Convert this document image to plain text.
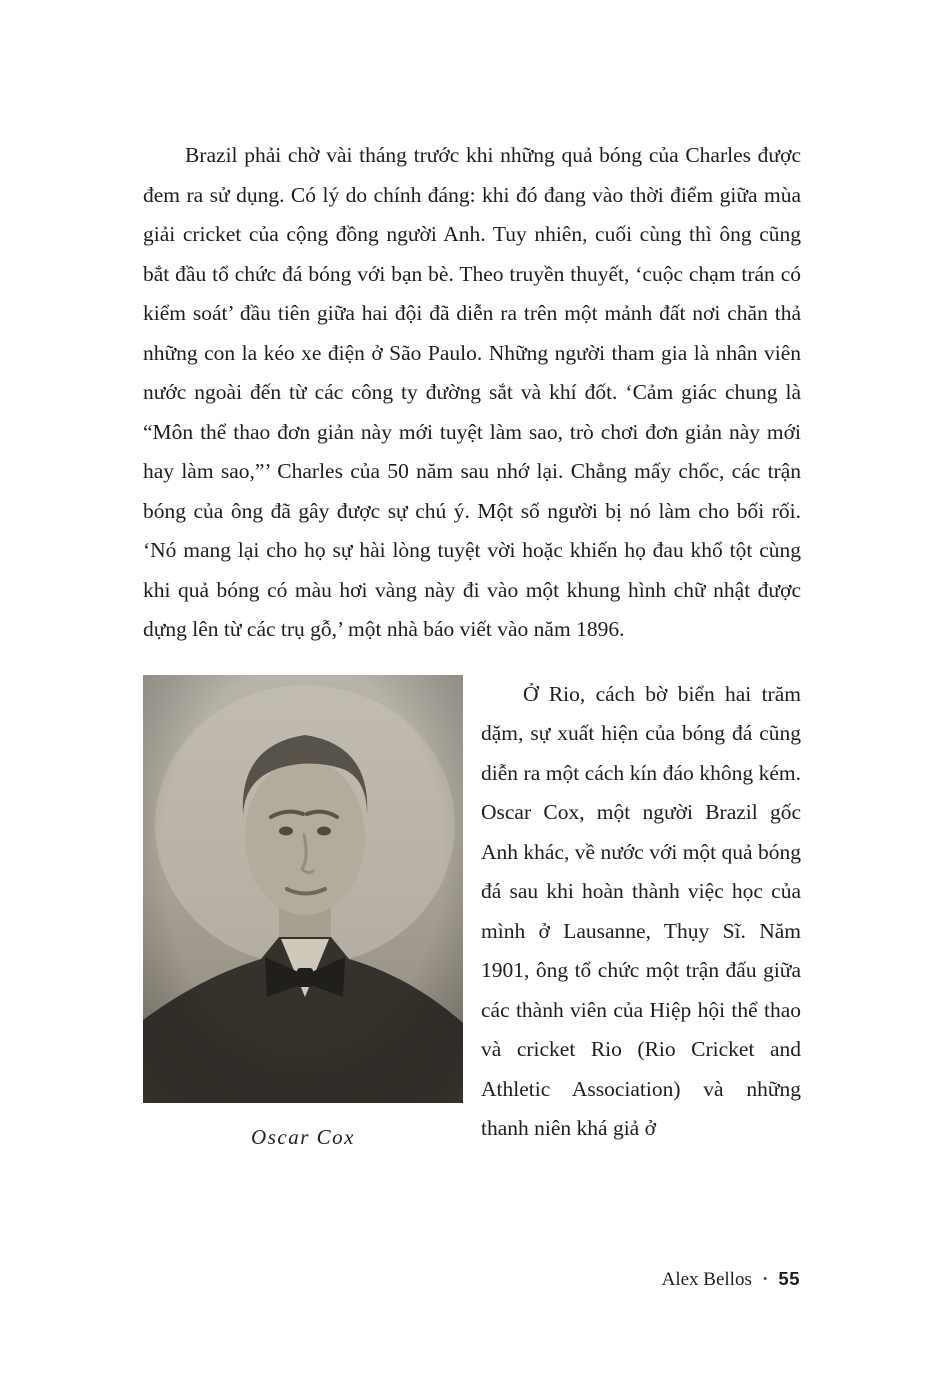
Brazil phải chờ vài tháng trước khi những quả bóng của Charles được đem ra sử dụng. Có lý do chính đáng: khi đó đang vào thời điểm giữa mùa giải cricket của cộng đồng người Anh. Tuy nhiên, cuối cùng thì ông cũng bắt đầu tổ chức đá bóng với bạn bè. Theo truyền thuyết, ‘cuộc chạm trán có kiểm soát’ đầu tiên giữa hai đội đã diễn ra trên một mảnh đất nơi chăn thả những con la kéo xe điện ở São Paulo. Những người tham gia là nhân viên nước ngoài đến từ các công ty đường sắt và khí đốt. ‘Cảm giác chung là “Môn thể thao đơn giản này mới tuyệt làm sao, trò chơi đơn giản này mới hay làm sao,”’ Charles của 50 năm sau nhớ lại. Chẳng mấy chốc, các trận bóng của ông đã gây được sự chú ý. Một số người bị nó làm cho bối rối. ‘Nó mang lại cho họ sự hài lòng tuyệt vời hoặc khiến họ đau khổ tột cùng khi quả bóng có màu hơi vàng này đi vào một khung hình chữ nhật được dựng lên từ các trụ gỗ,’ một nhà báo viết vào năm 1896.

Oscar Cox

Ở Rio, cách bờ biển hai trăm dặm, sự xuất hiện của bóng đá cũng diễn ra một cách kín đáo không kém. Oscar Cox, một người Brazil gốc Anh khác, về nước với một quả bóng đá sau khi hoàn thành việc học của mình ở Lausanne, Thụy Sĩ. Năm 1901, ông tổ chức một trận đấu giữa các thành viên của Hiệp hội thể thao và cricket Rio (Rio Cricket and Athletic Association) và những thanh niên khá giả ở

Alex Bellos • 55
